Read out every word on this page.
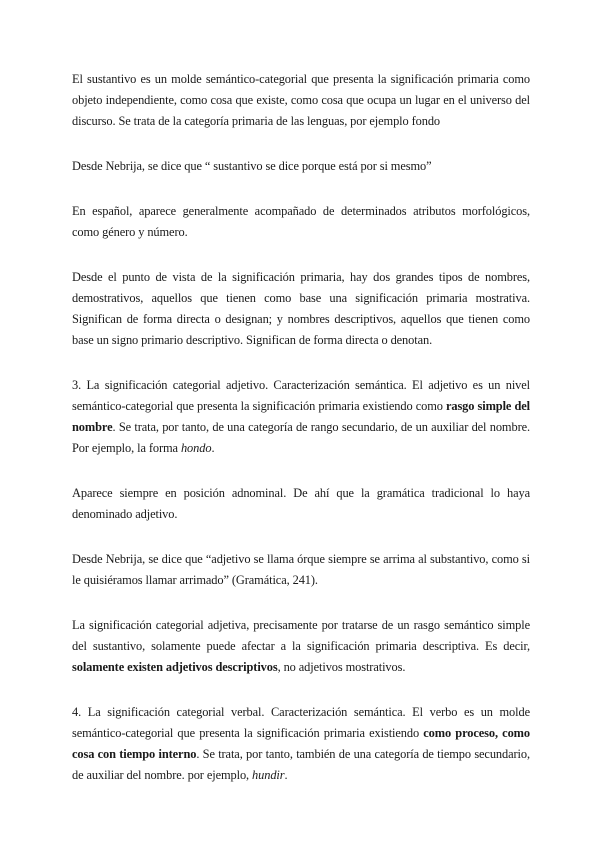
El sustantivo es un molde semántico-categorial que presenta la significación primaria como objeto independiente, como cosa que existe, como cosa que ocupa un lugar en el universo del discurso. Se trata de la categoría primaria de las lenguas, por ejemplo fondo

Desde Nebrija, se dice que “ sustantivo se dice porque está por si mesmo”

En español, aparece generalmente acompañado de determinados atributos morfológicos, como género y número.

Desde el punto de vista de la significación primaria, hay dos grandes tipos de nombres, demostrativos, aquellos que tienen como base una significación primaria mostrativa. Significan de forma directa o designan; y nombres descriptivos, aquellos que tienen como base un signo primario descriptivo. Significan de forma directa o denotan.

3. La significación categorial adjetivo. Caracterización semántica. El adjetivo es un nivel semántico-categorial que presenta la significación primaria existiendo como rasgo simple del nombre. Se trata, por tanto, de una categoría de rango secundario, de un auxiliar del nombre. Por ejemplo, la forma hondo.

Aparece siempre en posición adnominal. De ahí que la gramática tradicional lo haya denominado adjetivo.

Desde Nebrija, se dice que “adjetivo se llama órque siempre se arrima al substantivo, como si le quisiéramos llamar arrimado” (Gramática, 241).

La significación categorial adjetiva, precisamente por tratarse de un rasgo semántico simple del sustantivo, solamente puede afectar a la significación primaria descriptiva. Es decir, solamente existen adjetivos descriptivos, no adjetivos mostrativos.

4. La significación categorial verbal. Caracterización semántica. El verbo es un molde semántico-categorial que presenta la significación primaria existiendo como proceso, como cosa con tiempo interno. Se trata, por tanto, también de una categoría de tiempo secundario, de auxiliar del nombre. por ejemplo, hundir.
